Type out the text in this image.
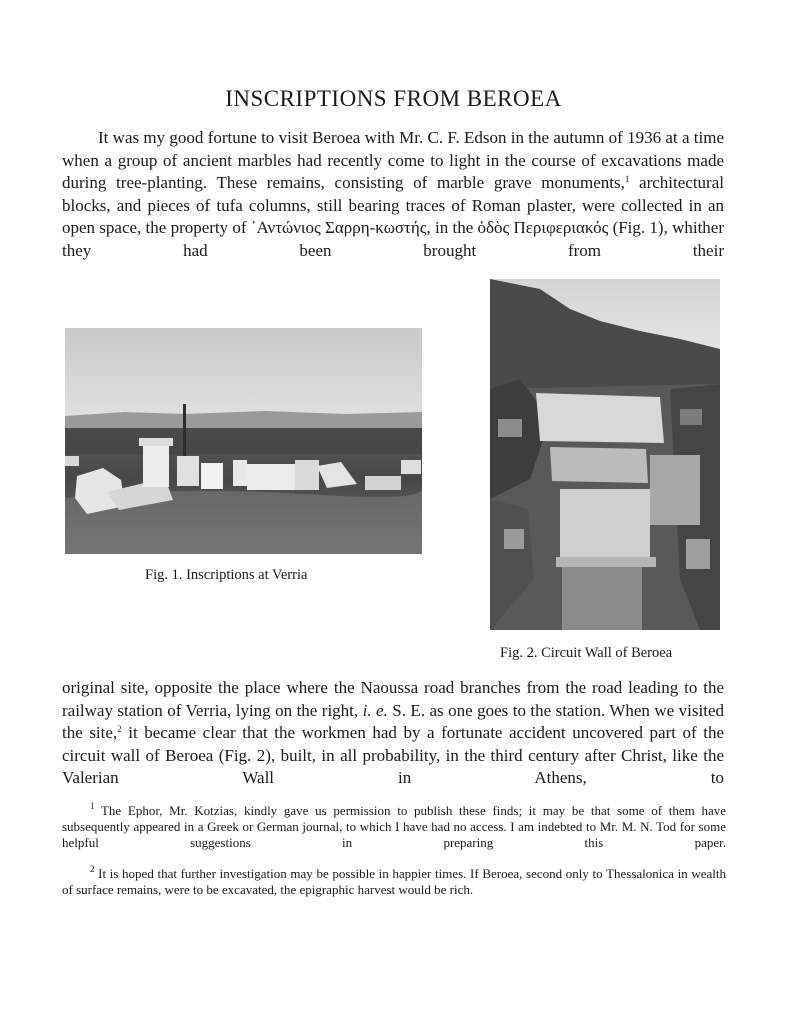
INSCRIPTIONS FROM BEROEA

It was my good fortune to visit Beroea with Mr. C. F. Edson in the autumn of 1936 at a time when a group of ancient marbles had recently come to light in the course of excavations made during tree-planting. These remains, consisting of marble grave monuments,$^1$ architectural blocks, and pieces of tufa columns, still bearing traces of Roman plaster, were collected in an open space, the property of ᾽Αντώνιος Σαρρη-κωστής, in the ὁδὸς Περιφεριακός (Fig. 1), whither they had been brought from their

Fig. 1. Inscriptions at Verria

Fig. 2. Circuit Wall of Beroea

original site, opposite the place where the Naoussa road branches from the road leading to the railway station of Verria, lying on the right, i. e. S. E. as one goes to the station. When we visited the site,$^2$ it became clear that the workmen had by a fortunate accident uncovered part of the circuit wall of Beroea (Fig. 2), built, in all probability, in the third century after Christ, like the Valerian Wall in Athens, to

$^1$ The Ephor, Mr. Kotzias, kindly gave us permission to publish these finds; it may be that some of them have subsequently appeared in a Greek or German journal, to which I have had no access. I am indebted to Mr. M. N. Tod for some helpful suggestions in preparing this paper.

$^2$ It is hoped that further investigation may be possible in happier times. If Beroea, second only to Thessalonica in wealth of surface remains, were to be excavated, the epigraphic harvest would be rich.
